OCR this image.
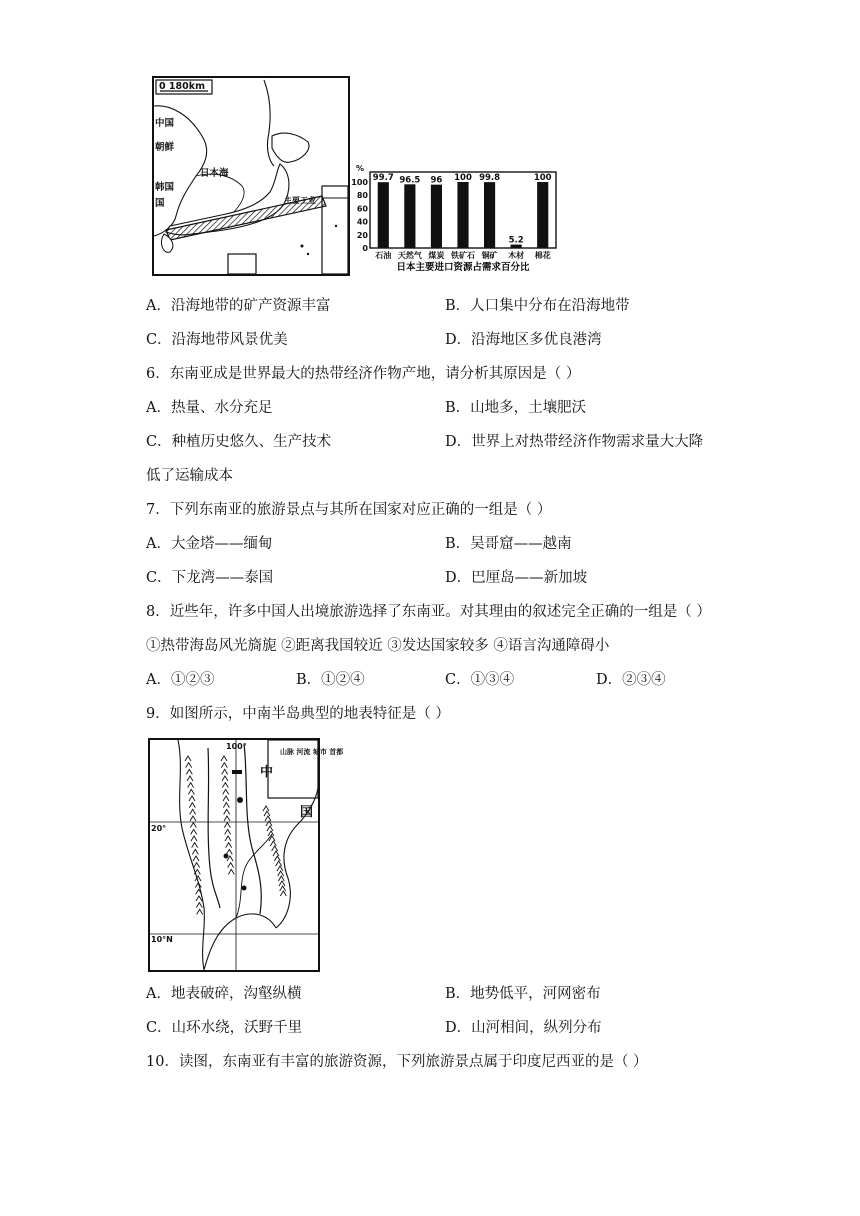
0 180km
中国
朝鲜
韩国
国
日本海
主要工业
%
100
80
60
40
20
0
99.7
石油
96.5
天然气
96
煤炭
100
铁矿石
99.8
铜矿
5.2
木材
100
棉花
日本主要进口资源占需求百分比
A．沿海地带的矿产资源丰富	B．人口集中分布在沿海地带
C．沿海地带风景优美	D．沿海地区多优良港湾
6．东南亚成是世界最大的热带经济作物产地，请分析其原因是（ ）
A．热量、水分充足	B．山地多，土壤肥沃
C．种植历史悠久、生产技术	D．世界上对热带经济作物需求量大大降
低了运输成本
7．下列东南亚的旅游景点与其所在国家对应正确的一组是（ ）
A．大金塔——缅甸	B．吴哥窟——越南
C．下龙湾——泰国	D．巴厘岛——新加坡
8．近些年，许多中国人出境旅游选择了东南亚。对其理由的叙述完全正确的一组是（ ）
①热带海岛风光旖旎 ②距离我国较近 ③发达国家较多 ④语言沟通障碍小
A．①②③	B．①②④	C．①③④	D．②③④
9．如图所示，中南半岛典型的地表特征是（ ）
100°
20°
10°N
山脉 河流 城市 首都
中
国
A．地表破碎，沟壑纵横	B．地势低平，河网密布
C．山环水绕，沃野千里	D．山河相间，纵列分布
10．读图，东南亚有丰富的旅游资源，下列旅游景点属于印度尼西亚的是（ ）
